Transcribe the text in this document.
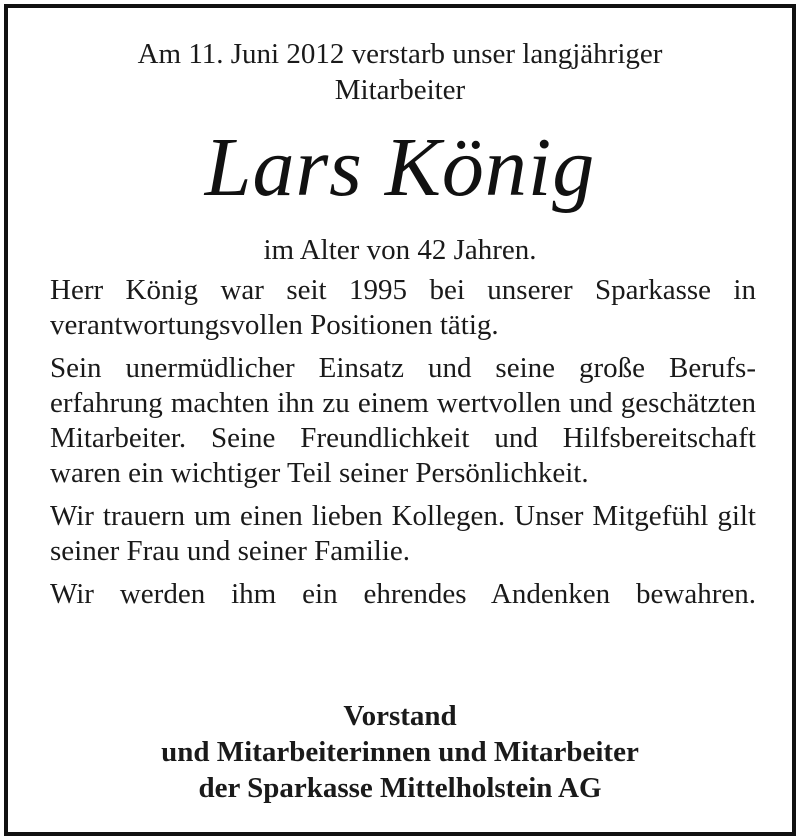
Am 11. Juni 2012 verstarb unser langjähriger
Mitarbeiter
Lars König
im Alter von 42 Jahren.

Herr König war seit 1995 bei unserer Sparkasse in verantwortungsvollen Positionen tätig.

Sein unermüdlicher Einsatz und seine große Berufserfahrung machten ihn zu einem wertvollen und geschätzten Mitarbeiter. Seine Freundlichkeit und Hilfsbereitschaft waren ein wichtiger Teil seiner Persönlichkeit.

Wir trauern um einen lieben Kollegen. Unser Mitgefühl gilt seiner Frau und seiner Familie.

Wir werden ihm ein ehrendes Andenken bewahren.

Vorstand
und Mitarbeiterinnen und Mitarbeiter
der Sparkasse Mittelholstein AG
